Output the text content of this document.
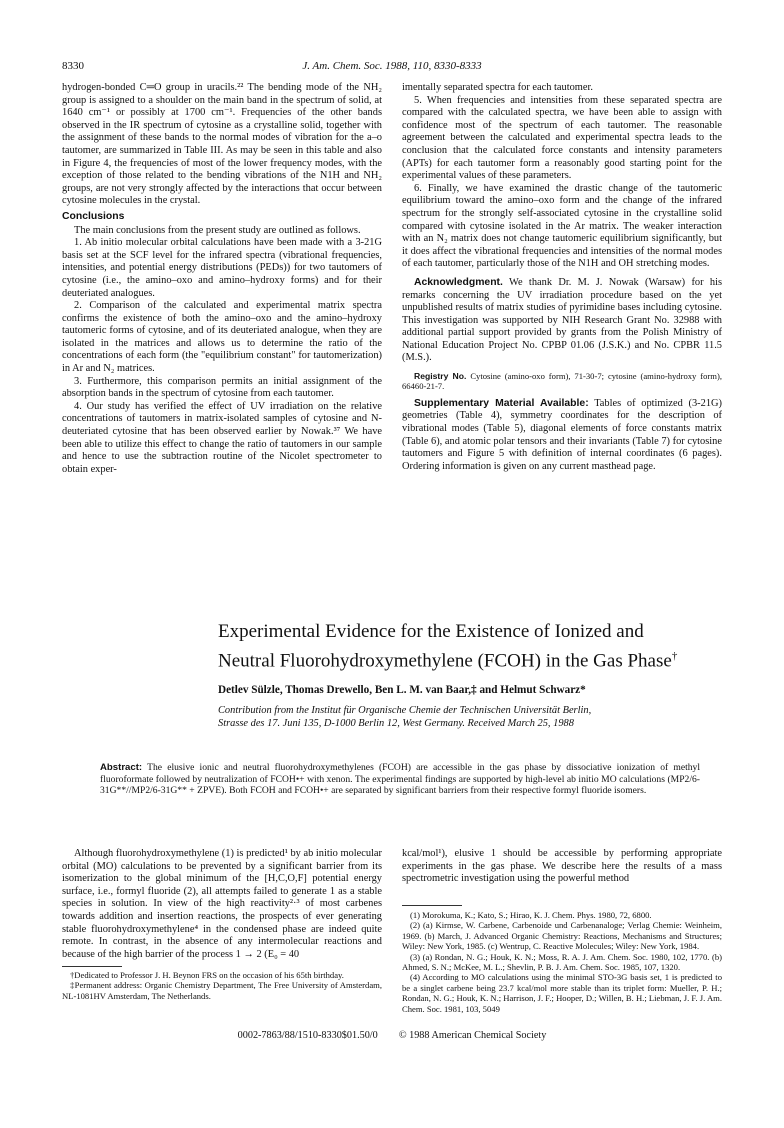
8330	J. Am. Chem. Soc. 1988, 110, 8330-8333

hydrogen-bonded C═O group in uracils.²² The bending mode of the NH₂ group is assigned to a shoulder on the main band in the spectrum of solid, at 1640 cm⁻¹ or possibly at 1700 cm⁻¹. Frequencies of the other bands observed in the IR spectrum of cytosine as a crystalline solid, together with the assignment of these bands to the normal modes of vibration for the a–o tautomer, are summarized in Table III. As may be seen in this table and also in Figure 4, the frequencies of most of the lower frequency modes, with the exception of those related to the bending vibrations of the N1H and NH₂ groups, are not very strongly affected by the interactions that occur between cytosine molecules in the crystal.

Conclusions

The main conclusions from the present study are outlined as follows.

1. Ab initio molecular orbital calculations have been made with a 3-21G basis set at the SCF level for the infrared spectra (vibrational frequencies, intensities, and potential energy distributions (PEDs)) for two tautomers of cytosine (i.e., the amino–oxo and amino–hydroxy forms) and for their deuteriated analogues.

2. Comparison of the calculated and experimental matrix spectra confirms the existence of both the amino–oxo and the amino–hydroxy tautomeric forms of cytosine, and of its deuteriated analogue, when they are isolated in the matrices and allows us to determine the ratio of the concentrations of each form (the "equilibrium constant" for tautomerization) in Ar and N₂ matrices.

3. Furthermore, this comparison permits an initial assignment of the absorption bands in the spectrum of cytosine from each tautomer.

4. Our study has verified the effect of UV irradiation on the relative concentrations of tautomers in matrix-isolated samples of cytosine and N-deuteriated cytosine that has been observed earlier by Nowak.³⁷ We have been able to utilize this effect to change the ratio of tautomers in our sample and hence to use the subtraction routine of the Nicolet spectrometer to obtain exper-

imentally separated spectra for each tautomer.

5. When frequencies and intensities from these separated spectra are compared with the calculated spectra, we have been able to assign with confidence most of the spectrum of each tautomer. The reasonable agreement between the calculated and experimental spectra leads to the conclusion that the calculated force constants and intensity parameters (APTs) for each tautomer form a reasonably good starting point for the experimental values of these parameters.

6. Finally, we have examined the drastic change of the tautomeric equilibrium toward the amino–oxo form and the change of the infrared spectrum for the strongly self-associated cytosine in the crystalline solid compared with cytosine isolated in the Ar matrix. The weaker interaction with an N₂ matrix does not change tautomeric equilibrium significantly, but it does affect the vibrational frequencies and intensities of the normal modes of each tautomer, particularly those of the N1H and OH stretching modes.

Acknowledgment. We thank Dr. M. J. Nowak (Warsaw) for his remarks concerning the UV irradiation procedure based on the yet unpublished results of matrix studies of pyrimidine bases including cytosine. This investigation was supported by NIH Research Grant No. 32988 with additional partial support provided by grants from the Polish Ministry of National Education Project No. CPBP 01.06 (J.S.K.) and No. CPBR 11.5 (M.S.).

Registry No. Cytosine (amino-oxo form), 71-30-7; cytosine (amino-hydroxy form), 66460-21-7.

Supplementary Material Available: Tables of optimized (3-21G) geometries (Table 4), symmetry coordinates for the description of vibrational modes (Table 5), diagonal elements of force constants matrix (Table 6), and atomic polar tensors and their invariants (Table 7) for cytosine tautomers and Figure 5 with definition of internal coordinates (6 pages). Ordering information is given on any current masthead page.

Experimental Evidence for the Existence of Ionized and
Neutral Fluorohydroxymethylene (FCOH) in the Gas Phase†
Detlev Sülzle, Thomas Drewello, Ben L. M. van Baar,‡ and Helmut Schwarz*
Contribution from the Institut für Organische Chemie der Technischen Universität Berlin,
Strasse des 17. Juni 135, D-1000 Berlin 12, West Germany. Received March 25, 1988
Abstract: The elusive ionic and neutral fluorohydroxymethylenes (FCOH) are accessible in the gas phase by dissociative ionization of methyl fluoroformate followed by neutralization of FCOH•+ with xenon. The experimental findings are supported by high-level ab initio MO calculations (MP2/6-31G**//MP2/6-31G** + ZPVE). Both FCOH and FCOH•+ are separated by significant barriers from their respective formyl fluoride isomers.

Although fluorohydroxymethylene (1) is predicted¹ by ab initio molecular orbital (MO) calculations to be prevented by a significant barrier from its isomerization to the global minimum of the [H,C,O,F] potential energy surface, i.e., formyl fluoride (2), all attempts failed to generate 1 as a stable species in solution. In view of the high reactivity²·³ of most carbenes towards addition and insertion reactions, the prospects of ever generating stable fluorohydroxymethylene⁴ in the condensed phase are indeed quite remote. In contrast, in the absence of any intermolecular reactions and because of the high barrier of the process 1 → 2 (E₀ = 40

kcal/mol¹), elusive 1 should be accessible by performing appropriate experiments in the gas phase. We describe here the results of a mass spectrometric investigation using the powerful method

†Dedicated to Professor J. H. Beynon FRS on the occasion of his 65th birthday.

‡Permanent address: Organic Chemistry Department, The Free University of Amsterdam, NL-1081HV Amsterdam, The Netherlands.

(1) Morokuma, K.; Kato, S.; Hirao, K. J. Chem. Phys. 1980, 72, 6800.

(2) (a) Kirmse, W. Carbene, Carbenoide und Carbenanaloge; Verlag Chemie: Weinheim, 1969. (b) March, J. Advanced Organic Chemistry: Reactions, Mechanisms and Structures; Wiley: New York, 1985. (c) Wentrup, C. Reactive Molecules; Wiley: New York, 1984.

(3) (a) Rondan, N. G.; Houk, K. N.; Moss, R. A. J. Am. Chem. Soc. 1980, 102, 1770. (b) Ahmed, S. N.; McKee, M. L.; Shevlin, P. B. J. Am. Chem. Soc. 1985, 107, 1320.

(4) According to MO calculations using the minimal STO-3G basis set, 1 is predicted to be a singlet carbene being 23.7 kcal/mol more stable than its triplet form: Mueller, P. H.; Rondan, N. G.; Houk, K. N.; Harrison, J. F.; Hooper, D.; Willen, B. H.; Liebman, J. F. J. Am. Chem. Soc. 1981, 103, 5049

0002-7863/88/1510-8330$01.50/0 © 1988 American Chemical Society
